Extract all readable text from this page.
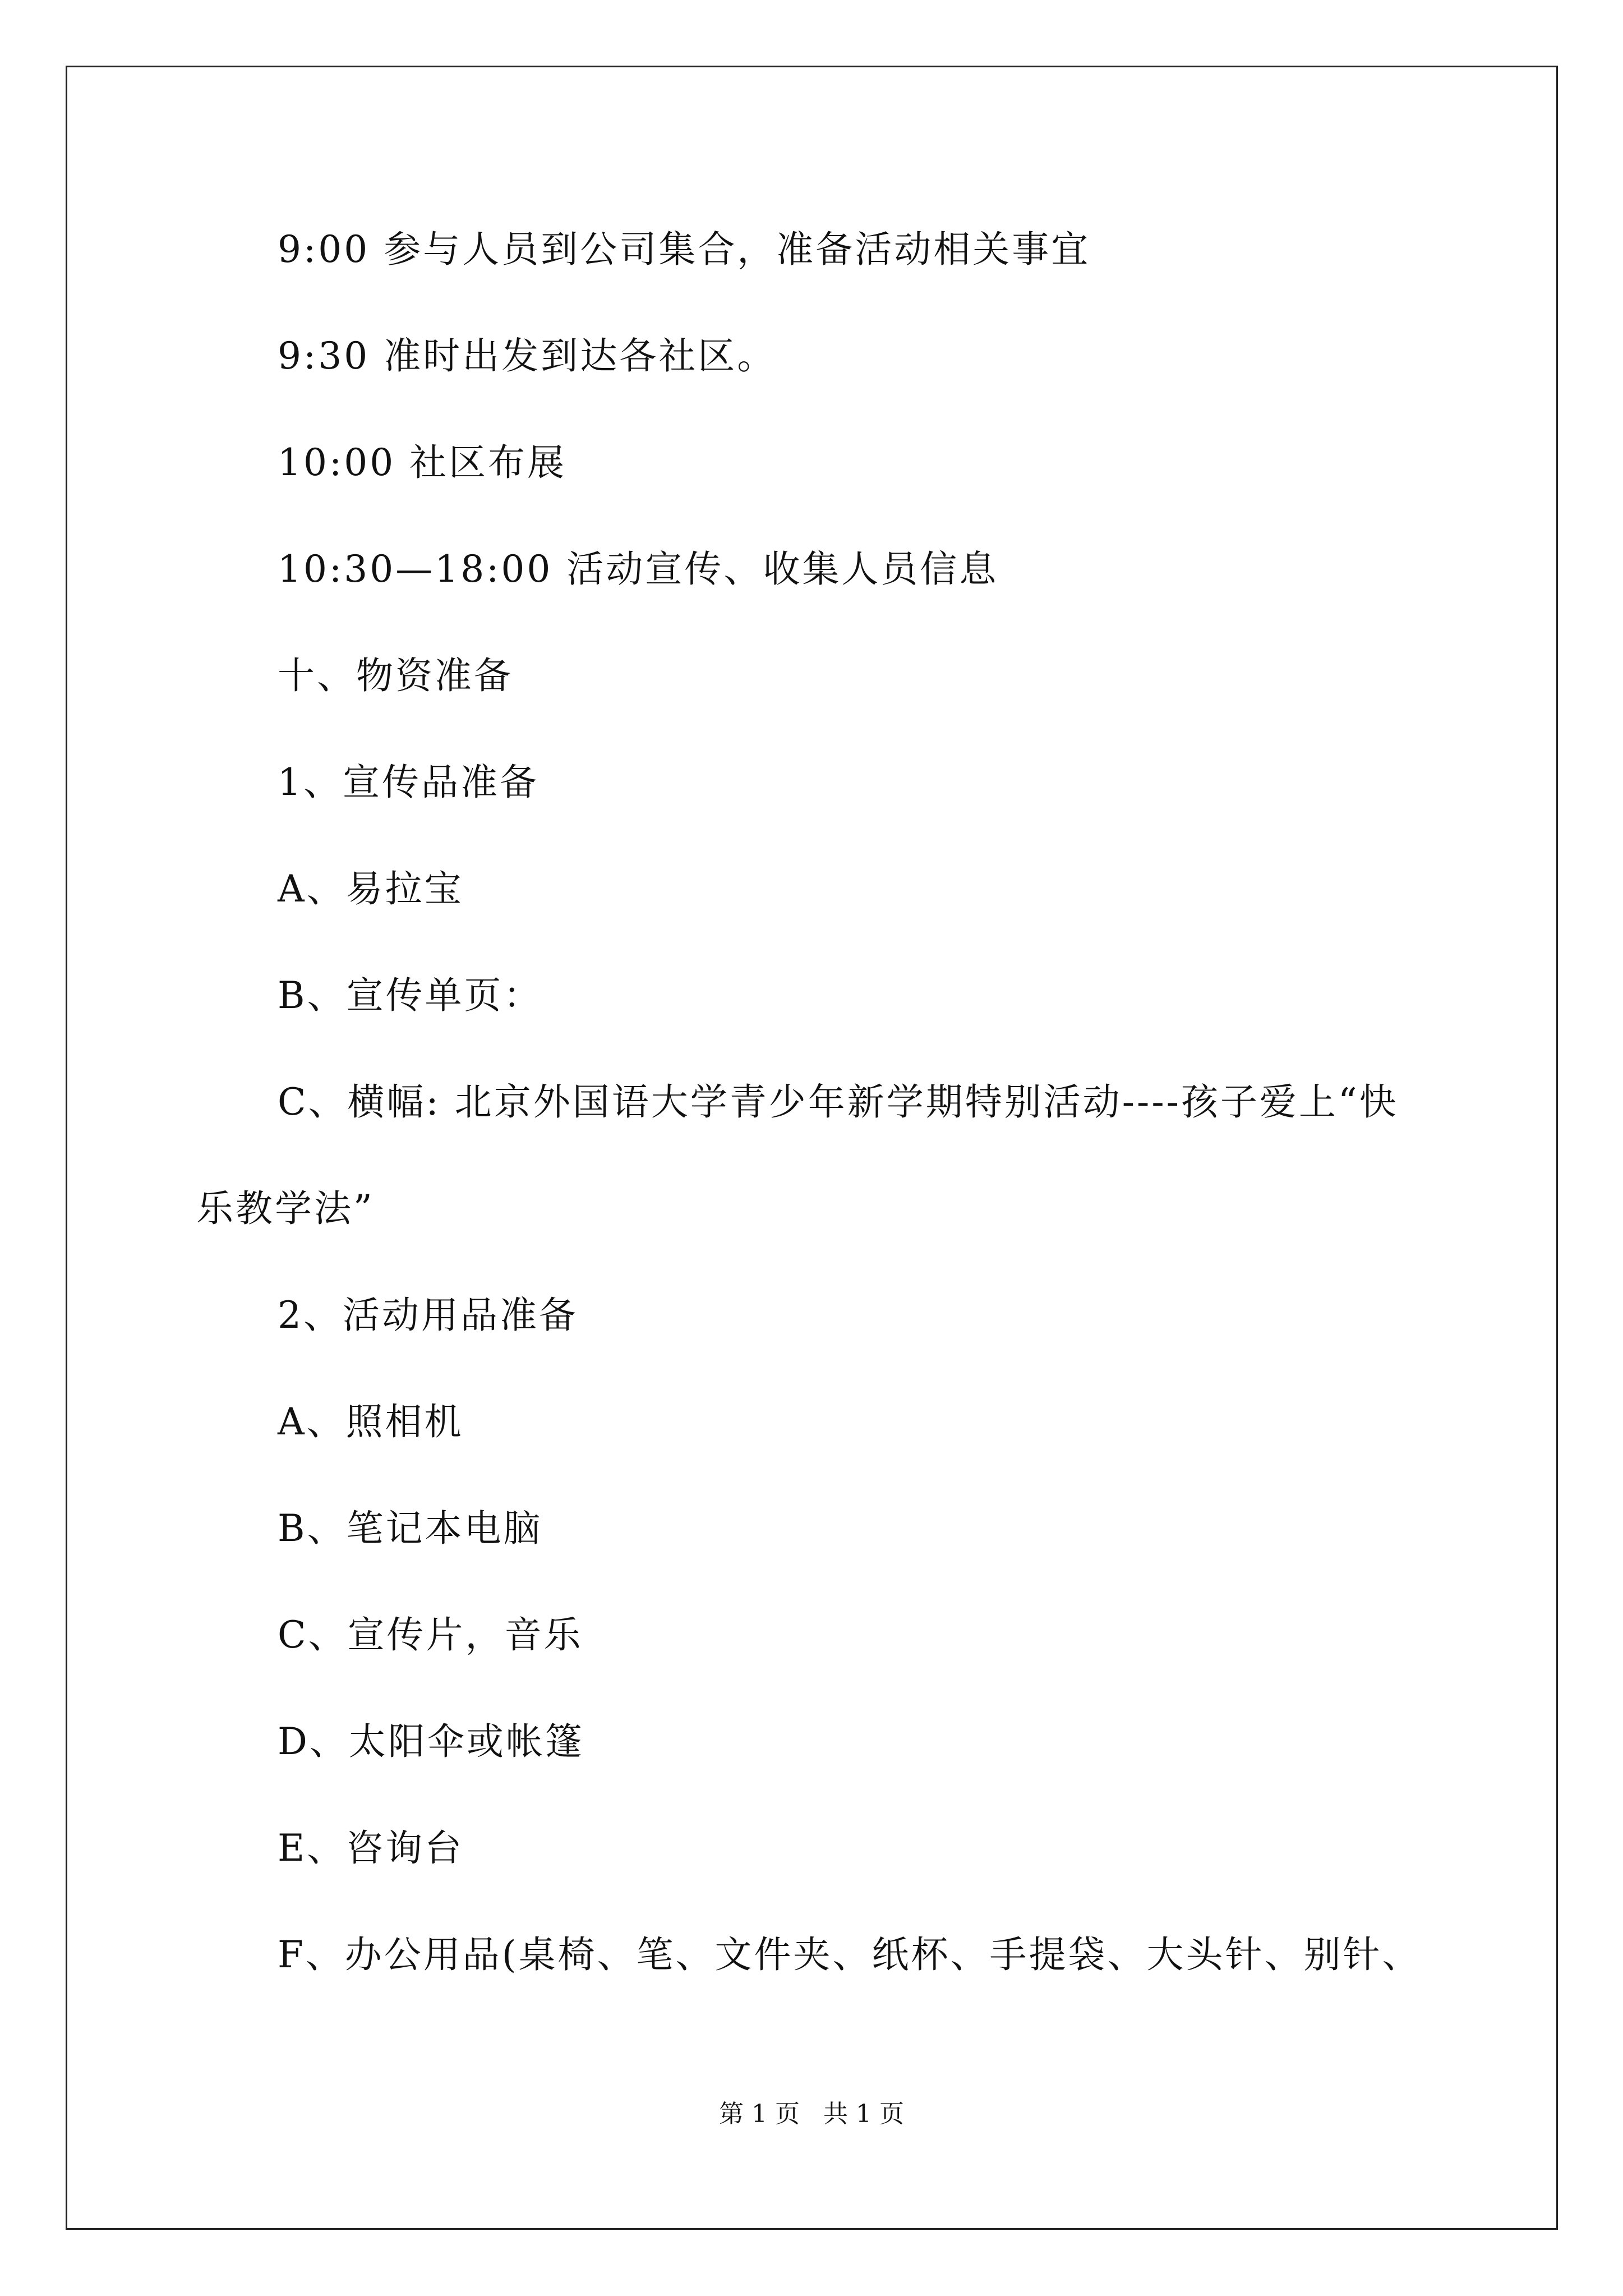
9:00 参与人员到公司集合，准备活动相关事宜
9:30 准时出发到达各社区。
10:00 社区布展
10:30—18:00 活动宣传、收集人员信息
十、物资准备
1、宣传品准备
A、易拉宝
B、宣传单页：
C、横幅: 北京外国语大学青少年新学期特别活动----孩子爱上“快
乐教学法”
2、活动用品准备
A、照相机
B、笔记本电脑
C、宣传片，音乐
D、太阳伞或帐篷
E、咨询台
F、办公用品(桌椅、笔、文件夹、纸杯、手提袋、大头针、别针、
第 1 页   共 1 页
